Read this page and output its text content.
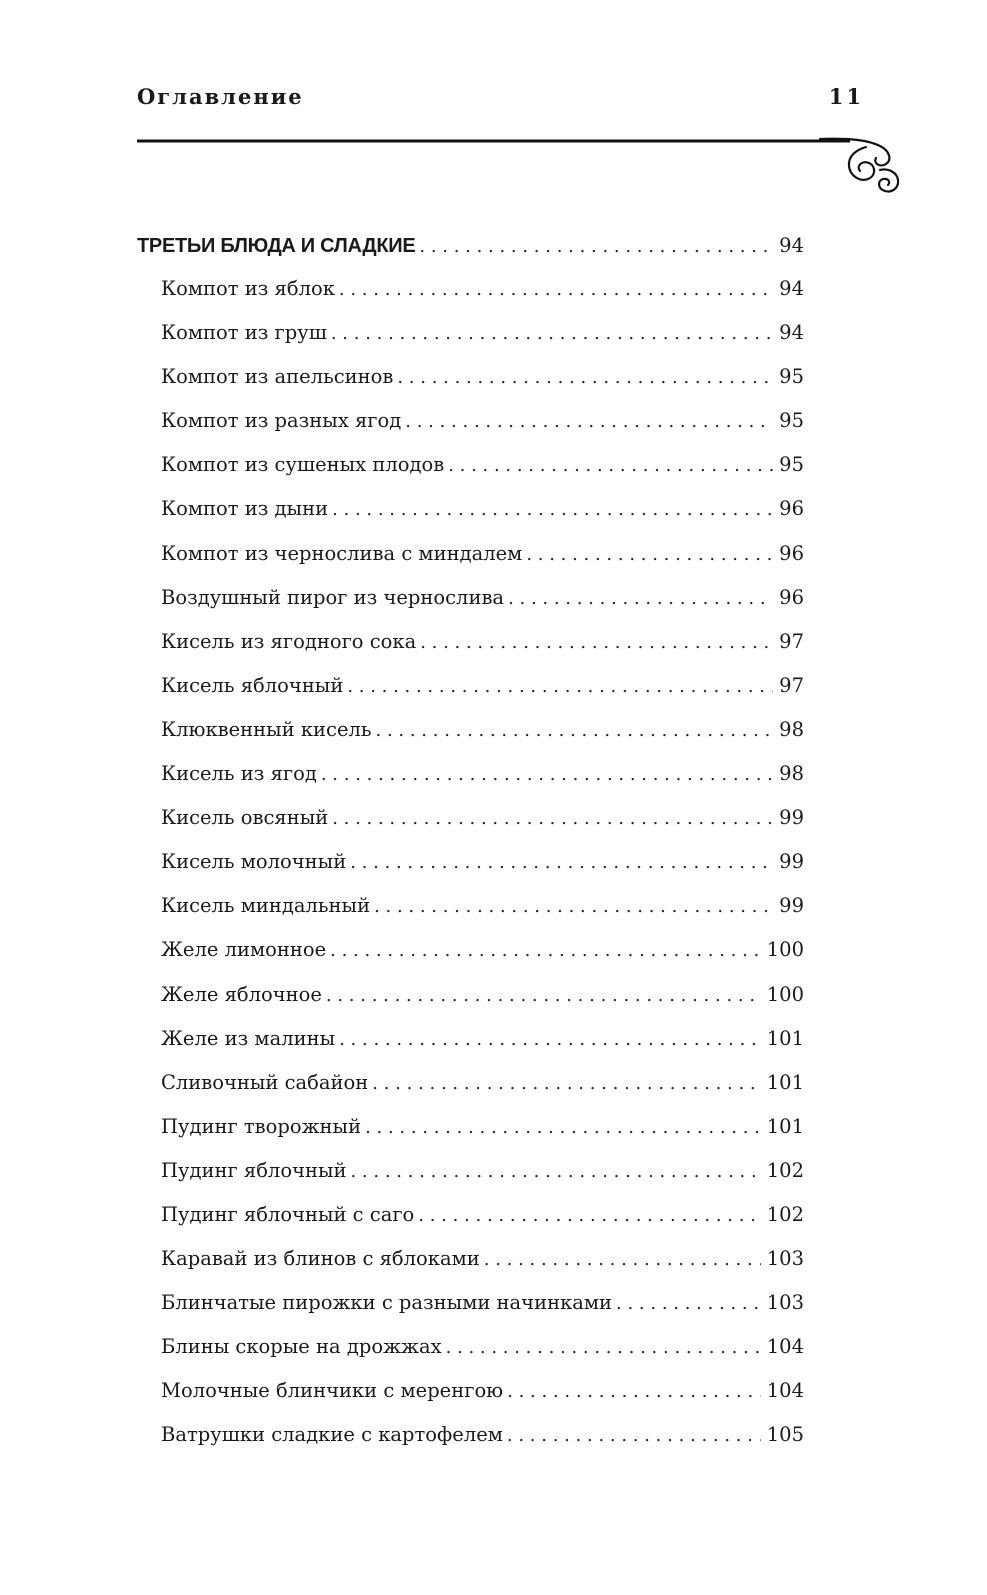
Оглавление	11
ТРЕТЬИ БЛЮДА И СЛАДКИЕ . . .	94
Компот из яблок . . .	94
Компот из груш . . .	94
Компот из апельсинов . . .	95
Компот из разных ягод . . .	95
Компот из сушеных плодов . . .	95
Компот из дыни . . .	96
Компот из чернослива с миндалем . . .	96
Воздушный пирог из чернослива . . .	96
Кисель из ягодного сока . . .	97
Кисель яблочный . . .	97
Клюквенный кисель . . .	98
Кисель из ягод . . .	98
Кисель овсяный . . .	99
Кисель молочный . . .	99
Кисель миндальный . . .	99
Желе лимонное . . .	100
Желе яблочное . . .	100
Желе из малины . . .	101
Сливочный сабайон . . .	101
Пудинг творожный . . .	101
Пудинг яблочный . . .	102
Пудинг яблочный с саго . . .	102
Каравай из блинов с яблоками . . .	103
Блинчатые пирожки с разными начинками . . .	103
Блины скорые на дрожжах . . .	104
Молочные блинчики с меренгою . . .	104
Ватрушки сладкие с картофелем . . .	105
